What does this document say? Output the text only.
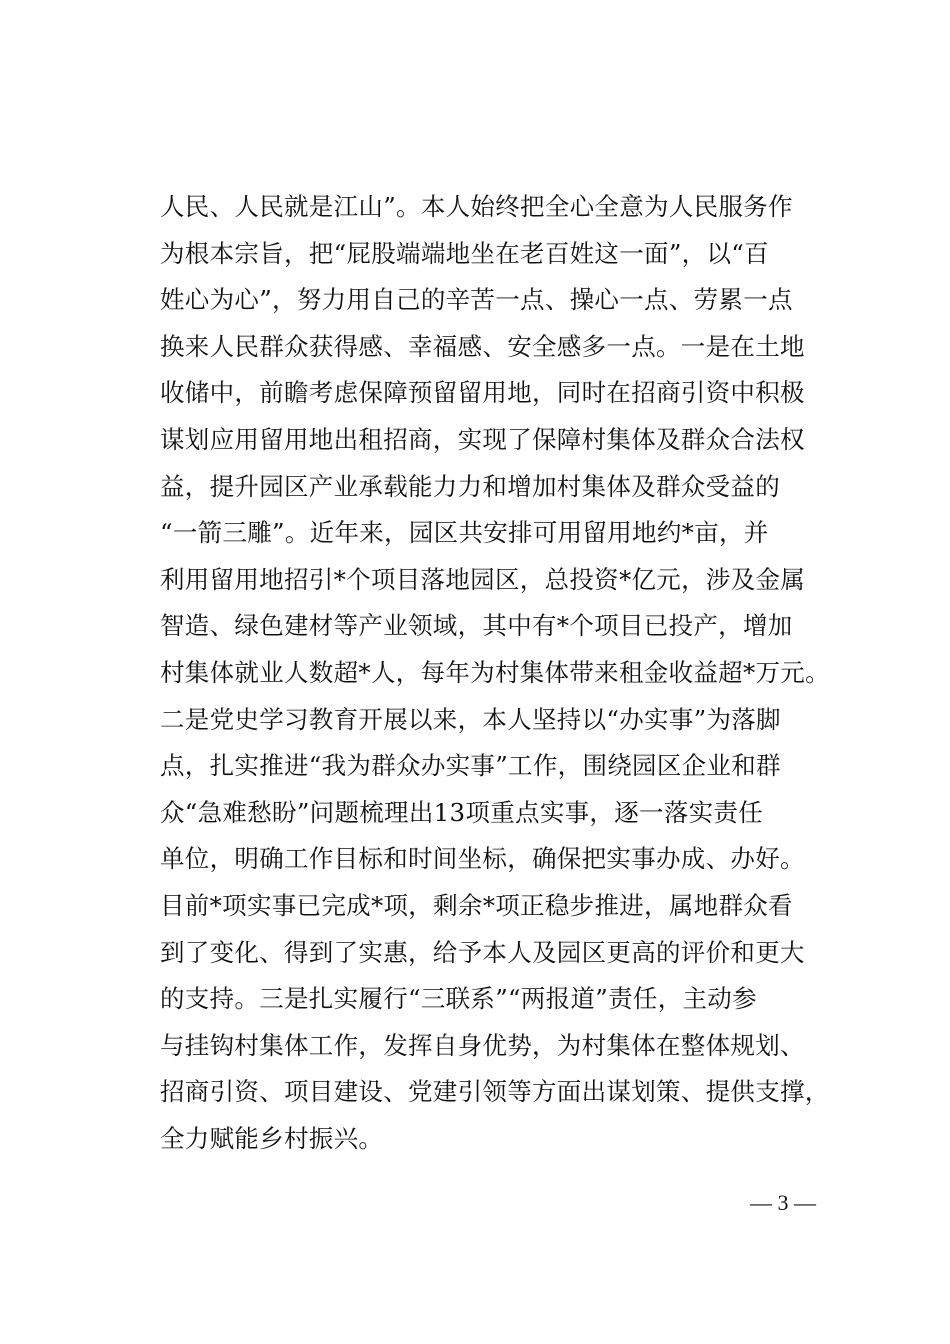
人民、人民就是江山”。本人始终把全心全意为人民服务作
为根本宗旨，把“屁股端端地坐在老百姓这一面”，以“百
姓心为心”，努力用自己的辛苦一点、操心一点、劳累一点
换来人民群众获得感、幸福感、安全感多一点。一是在土地
收储中，前瞻考虑保障预留留用地，同时在招商引资中积极
谋划应用留用地出租招商，实现了保障村集体及群众合法权
益，提升园区产业承载能力力和增加村集体及群众受益的
“一箭三雕”。近年来，园区共安排可用留用地约*亩，并
利用留用地招引*个项目落地园区，总投资*亿元，涉及金属
智造、绿色建材等产业领域，其中有*个项目已投产，增加
村集体就业人数超*人，每年为村集体带来租金收益超*万元。
二是党史学习教育开展以来，本人坚持以“办实事”为落脚
点，扎实推进“我为群众办实事”工作，围绕园区企业和群
众“急难愁盼”问题梳理出13项重点实事，逐一落实责任
单位，明确工作目标和时间坐标，确保把实事办成、办好。
目前*项实事已完成*项，剩余*项正稳步推进，属地群众看
到了变化、得到了实惠，给予本人及园区更高的评价和更大
的支持。三是扎实履行“三联系”“两报道”责任，主动参
与挂钩村集体工作，发挥自身优势，为村集体在整体规划、
招商引资、项目建设、党建引领等方面出谋划策、提供支撑，
全力赋能乡村振兴。
— 3 —
